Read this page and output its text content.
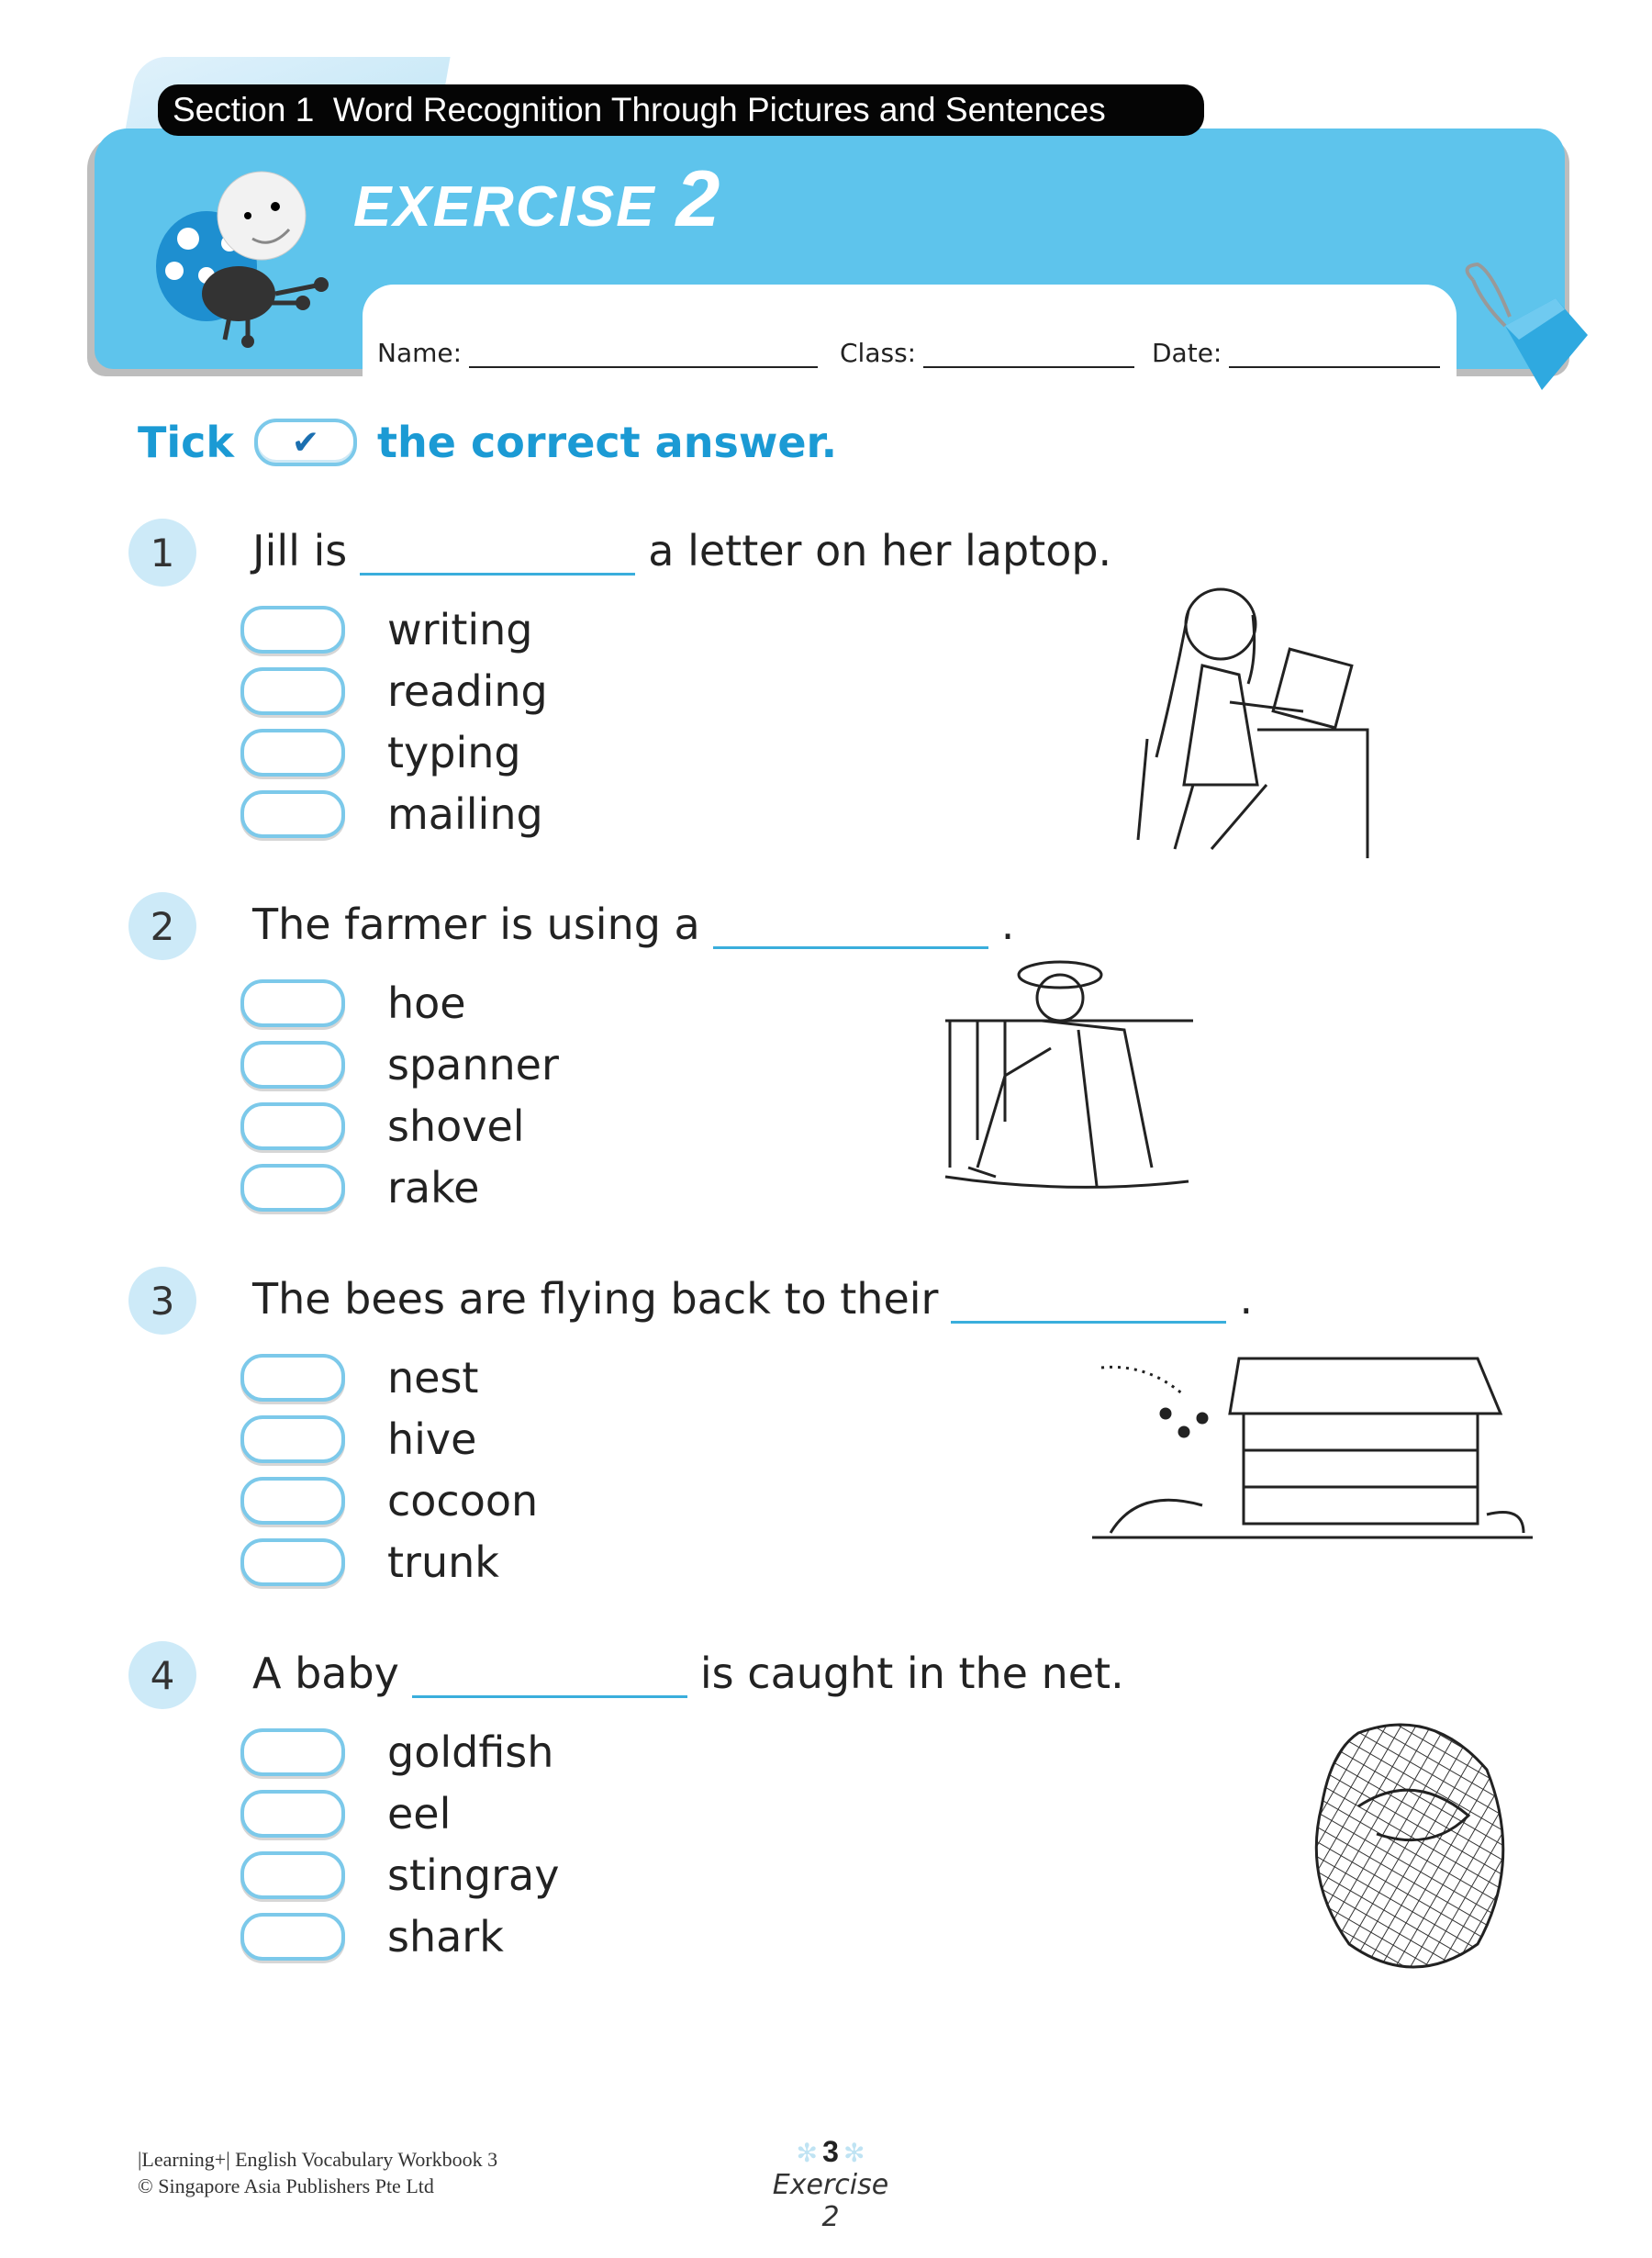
Section 1  Word Recognition Through Pictures and Sentences
EXERCISE 2
Name:	Class:	Date:
Tick ✔ the correct answer.
1	Jill is	a letter on her laptop.
writing
reading
typing
mailing
2	The farmer is using a	.
hoe
spanner
shovel
rake
3	The bees are flying back to their	.
nest
hive
cocoon
trunk
4	A baby	is caught in the net.
goldfish
eel
stingray
shark
|Learning+| English Vocabulary Workbook 3
© Singapore Asia Publishers Pte Ltd
✻ 3 ✻
Exercise 2
